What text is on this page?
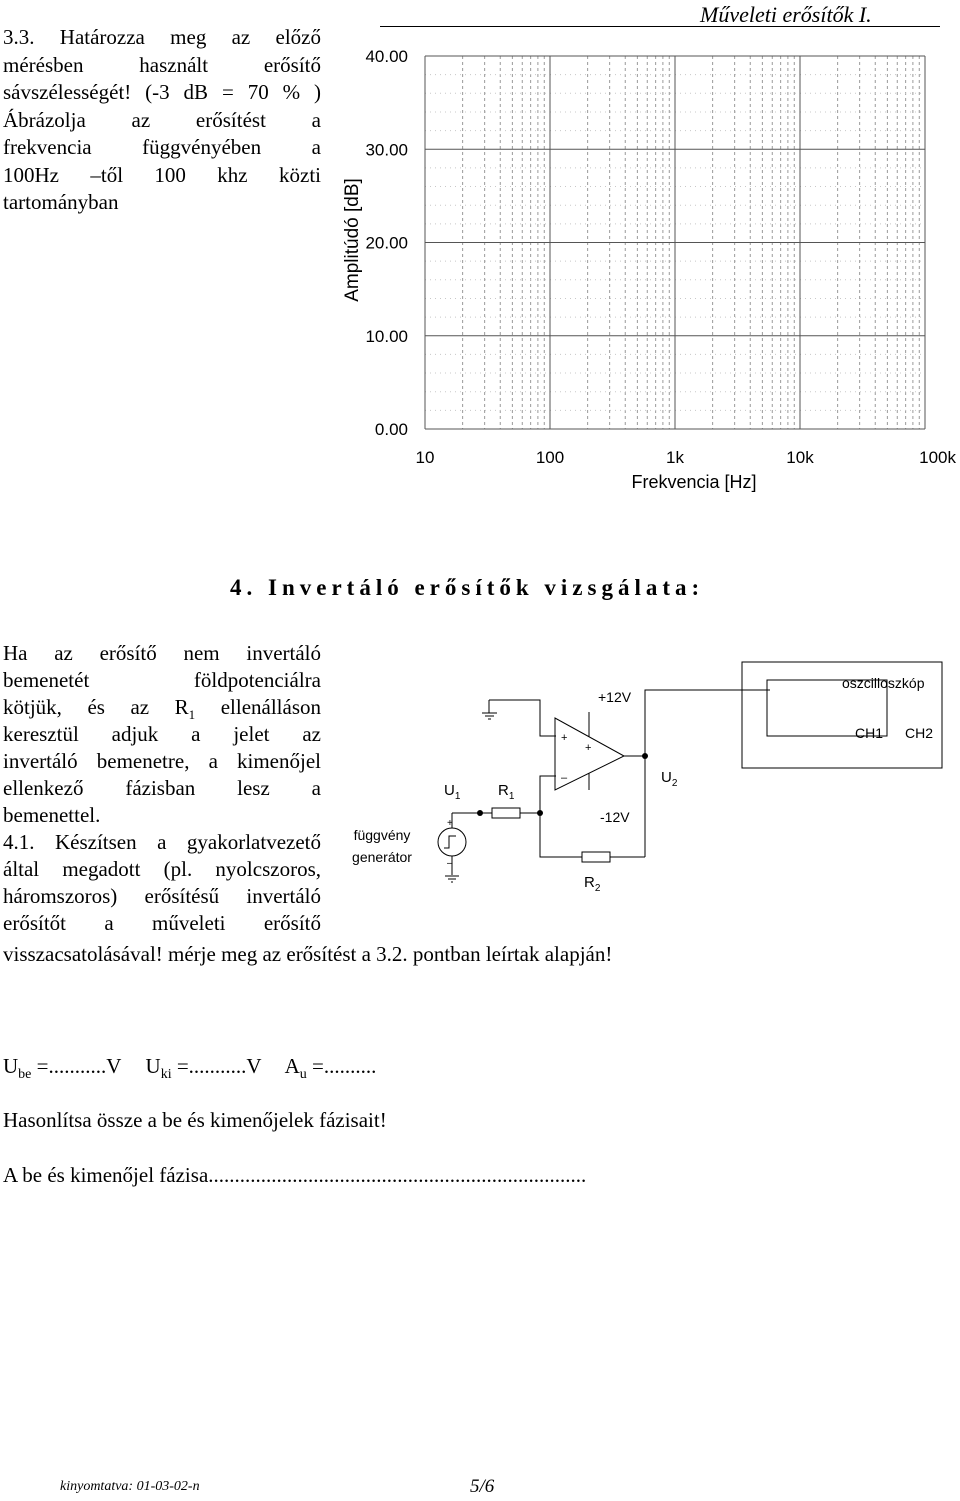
Műveleti erősítők I.
3.3. Határozza meg az előző
mérésben használt erősítő
sávszélességét! (-3 dB = 70 % )
Ábrázolja az erősítést a
frekvencia függvényében a
100Hz –től 100 khz közti
tartományban
0.00
10.00
20.00
30.00
40.00
10	100	1k	10k	100k
Amplitúdó [dB]
Frekvencia [Hz]
4. Invertáló erősítők vizsgálata:
Ha az erősítő nem invertáló
bemenetét földpotenciálra
kötjük, és az $R_1$ ellenálláson
keresztül adjuk a jelet az
invertáló bemenetre, a kimenőjel
ellenkező fázisban lesz a
bemenettel.
4.1. Készítsen a gyakorlatvezető
által megadott (pl. nyolcszoros,
háromszoros) erősítésű invertáló
erősítőt a műveleti erősítő
visszacsatolásával! mérje meg az erősítést a 3.2. pontban leírtak alapján!
+
–
+
+
–
függvény
generátor
$U_1$	$R_1$
$R_2$
$U_2$
+12V
-12V
oszcilloszkóp
CH1 CH2
$U_{be} =...........V$ $U_{ki} =...........V$ $A_u$ =..........
Hasonlítsa össze a be és kimenőjelek fázisait!
A be és kimenőjel fázisa........................................................................
kinyomtatva: 01-03-02-n	5/6
